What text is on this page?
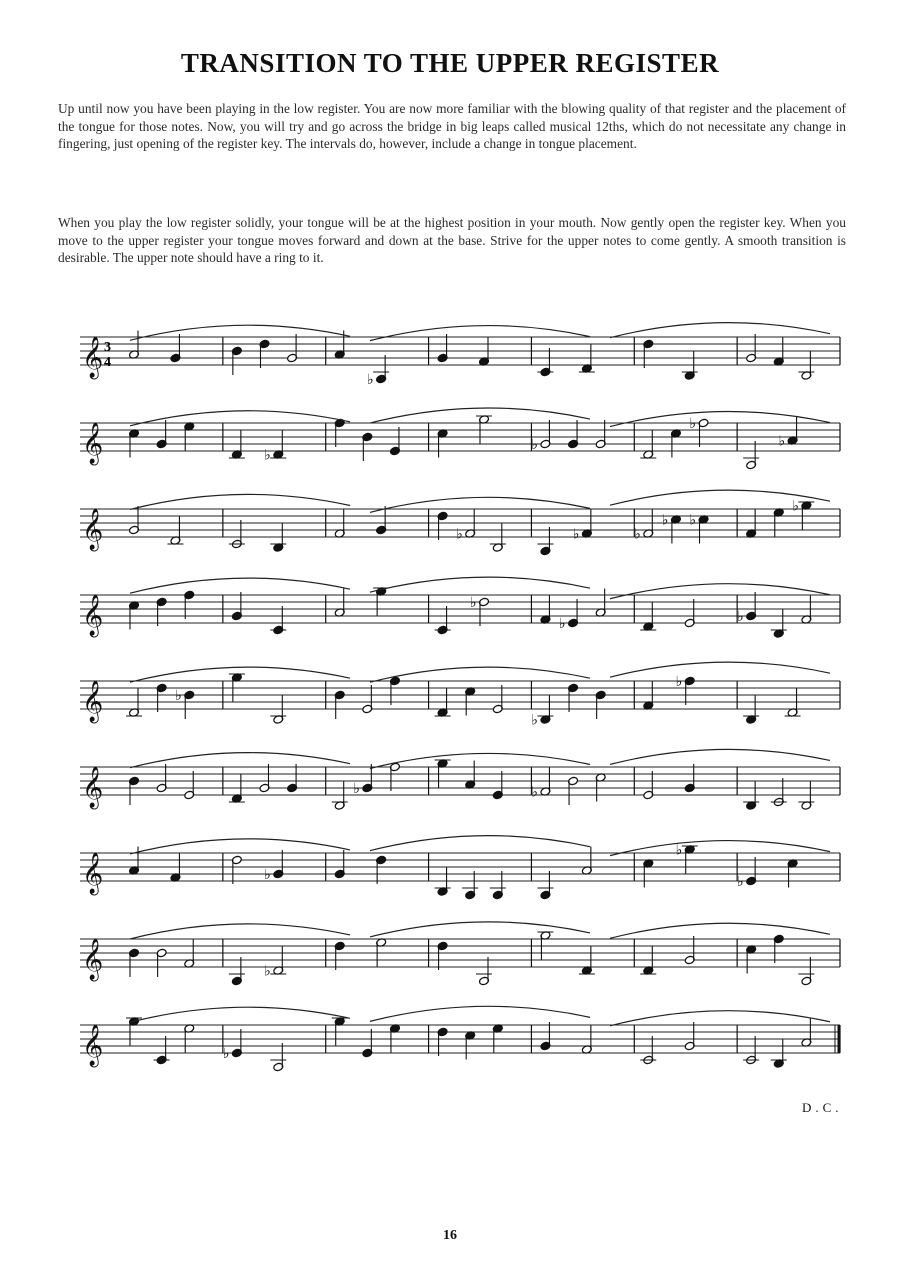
TRANSITION TO THE UPPER REGISTER
Up until now you have been playing in the low register. You are now more familiar with the blowing quality of that register and the placement of the tongue for those notes. Now, you will try and go across the bridge in big leaps called musical 12ths, which do not necessitate any change in fingering, just opening of the register key. The intervals do, however, include a change in tongue placement.
When you play the low register solidly, your tongue will be at the highest position in your mouth. Now gently open the register key. When you move to the upper register your tongue moves forward and down at the base. Strive for the upper notes to come gently. A smooth transition is desirable. The upper note should have a ring to it.
𝄞 3
4
♭
𝄞	♭
♭
♭
♭
𝄞	♭	♭	♭
♭ ♭
♭
𝄞	♭
♭	♭
𝄞	♭
♭
♭
𝄞	♭	♭
𝄞	♭
♭
♭
𝄞	♭
𝄞	♭
D.C.
16
